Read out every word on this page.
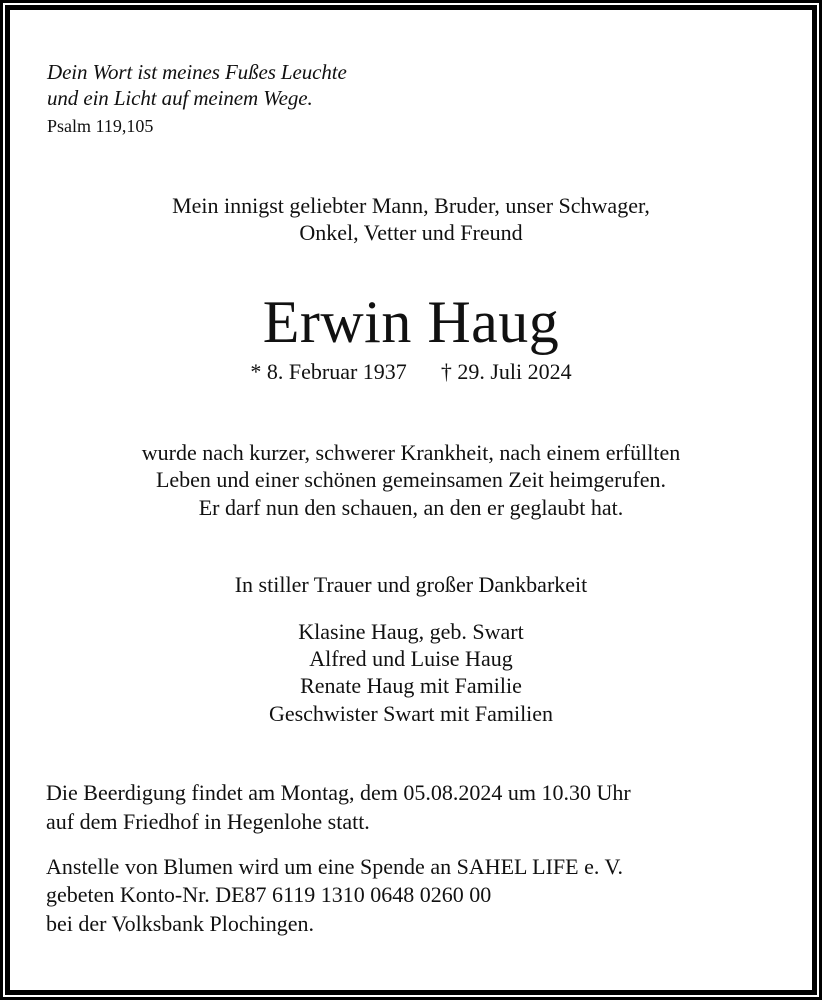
Dein Wort ist meines Fußes Leuchte
und ein Licht auf meinem Wege.
Psalm 119,105
Mein innigst geliebter Mann, Bruder, unser Schwager,
Onkel, Vetter und Freund
Erwin Haug
* 8. Februar 1937 † 29. Juli 2024
wurde nach kurzer, schwerer Krankheit, nach einem erfüllten
Leben und einer schönen gemeinsamen Zeit heimgerufen.
Er darf nun den schauen, an den er geglaubt hat.
In stiller Trauer und großer Dankbarkeit
Klasine Haug, geb. Swart
Alfred und Luise Haug
Renate Haug mit Familie
Geschwister Swart mit Familien
Die Beerdigung findet am Montag, dem 05.08.2024 um 10.30 Uhr
auf dem Friedhof in Hegenlohe statt.
Anstelle von Blumen wird um eine Spende an SAHEL LIFE e. V.
gebeten Konto-Nr. DE87 6119 1310 0648 0260 00
bei der Volksbank Plochingen.
